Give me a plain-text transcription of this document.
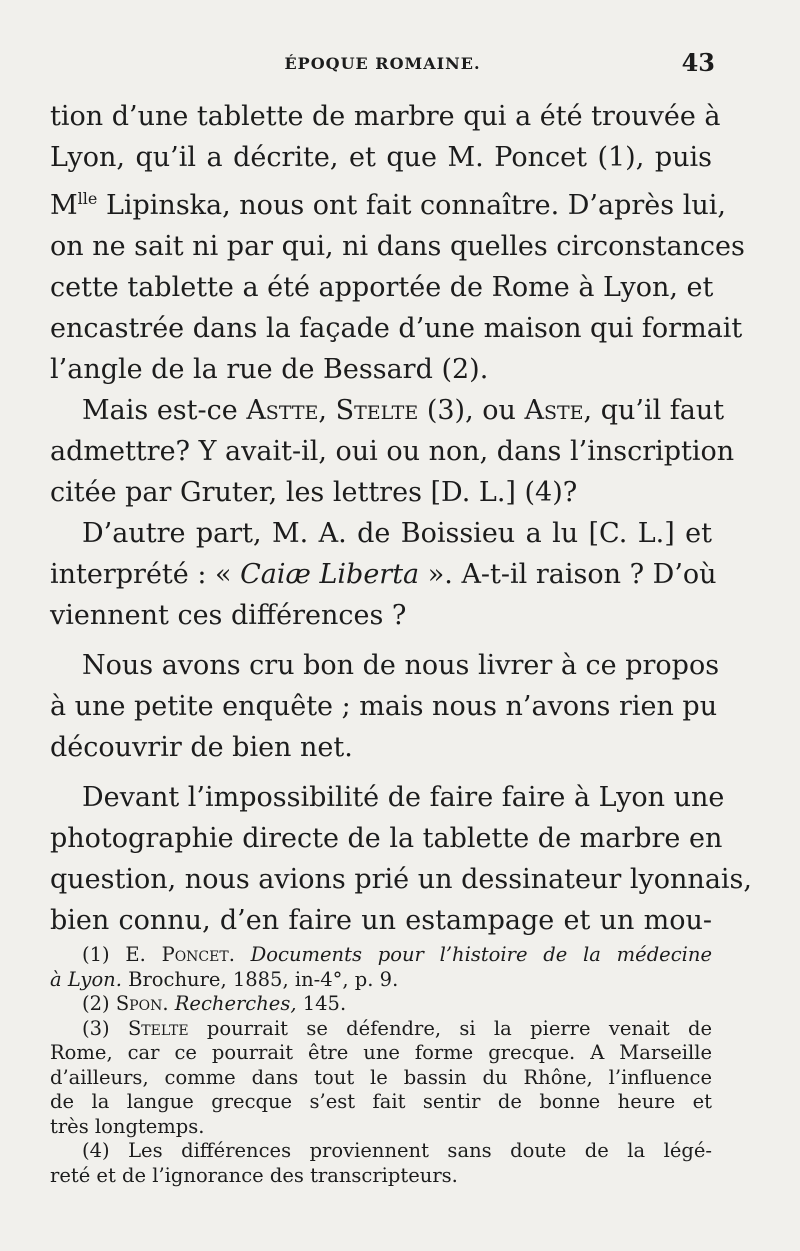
ÉPOQUE ROMAINE.	43
tion d’une tablette de marbre qui a été trouvée à
Lyon, qu’il a décrite, et que M. Poncet (1), puis
$M^{lle}$ Lipinska, nous ont fait connaître. D’après lui,
on ne sait ni par qui, ni dans quelles circonstances
cette tablette a été apportée de Rome à Lyon, et
encastrée dans la façade d’une maison qui formait
l’angle de la rue de Bessard (2).
Mais est-ce Astte, Stelte (3), ou Aste, qu’il faut
admettre? Y avait-il, oui ou non, dans l’inscription
citée par Gruter, les lettres [D. L.] (4)?
D’autre part, M. A. de Boissieu a lu [C. L.] et
interprété : « Caiæ Liberta ». A-t-il raison ? D’où
viennent ces différences ?
Nous avons cru bon de nous livrer à ce propos
à une petite enquête ; mais nous n’avons rien pu
découvrir de bien net.
Devant l’impossibilité de faire faire à Lyon une
photographie directe de la tablette de marbre en
question, nous avions prié un dessinateur lyonnais,
bien connu, d’en faire un estampage et un mou-
(1) E. Poncet. Documents pour l’histoire de la médecine
à Lyon. Brochure, 1885, in-4°, p. 9.
(2) Spon. Recherches, 145.
(3) Stelte pourrait se défendre, si la pierre venait de
Rome, car ce pourrait être une forme grecque. A Marseille
d’ailleurs, comme dans tout le bassin du Rhône, l’influence
de la langue grecque s’est fait sentir de bonne heure et
très longtemps.
(4) Les différences proviennent sans doute de la légé-
reté et de l’ignorance des transcripteurs.
